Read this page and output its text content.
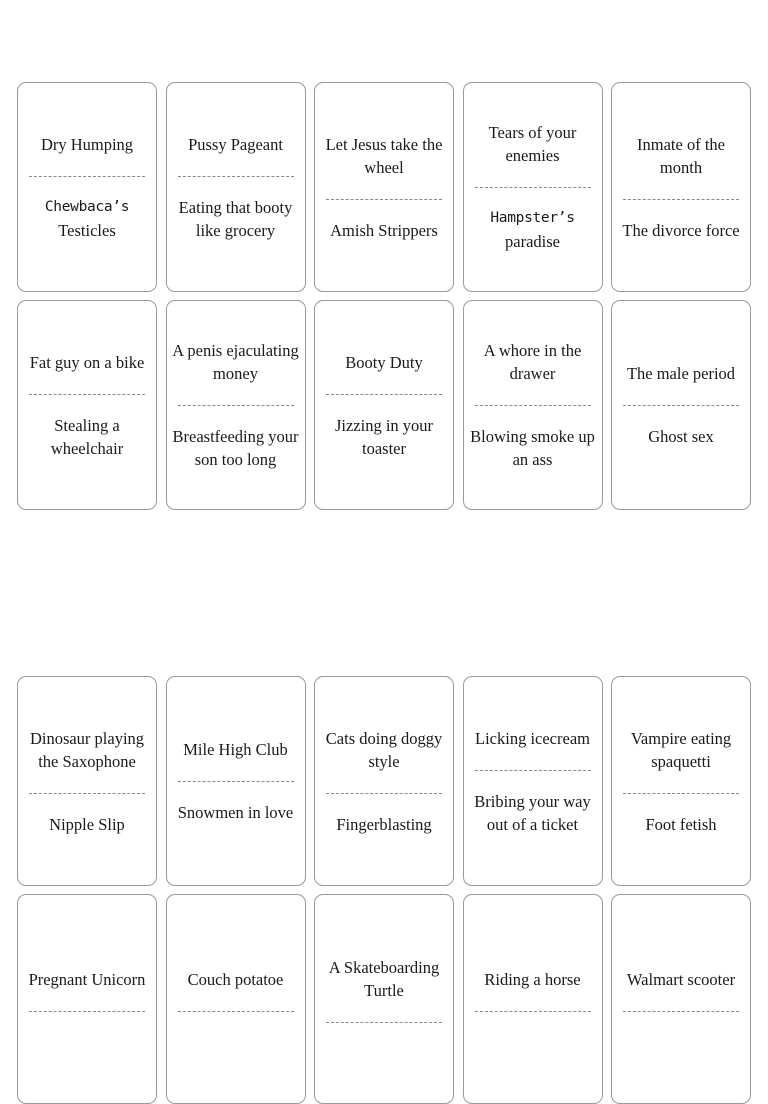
Dry Humping
Chewbaca’s
Testicles
Pussy Pageant
Eating that booty like grocery
Let Jesus take the wheel
Amish Strippers
Tears of your enemies
Hampster’s
paradise
Inmate of the month
The divorce force
Fat guy on a bike
Stealing a wheelchair
A penis ejaculating money
Breastfeeding your son too long
Booty Duty
Jizzing in your toaster
A whore in the drawer
Blowing smoke up an ass
The male period
Ghost sex
Dinosaur playing the Saxophone
Nipple Slip
Mile High Club
Snowmen in love
Cats doing doggy style
Fingerblasting
Licking icecream
Bribing your way out of a ticket
Vampire eating spaquetti
Foot fetish
Pregnant Unicorn	Couch potatoe
A Skateboarding Turtle
Riding a horse	Walmart scooter
